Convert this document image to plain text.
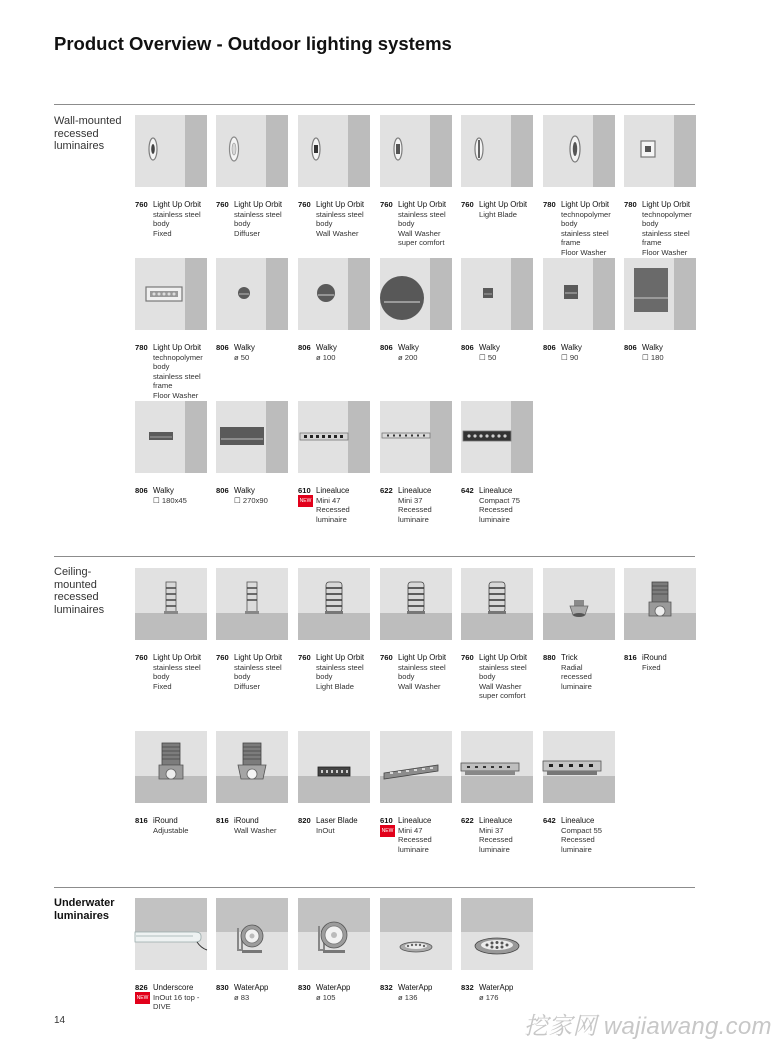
Product Overview - Outdoor lighting systems
Wall-mounted recessed luminaires
760 Light Up Orbit
stainless steel
body
Fixed
760 Light Up Orbit
stainless steel
body
Diffuser
760 Light Up Orbit
stainless steel
body
Wall Washer
760 Light Up Orbit
stainless steel
body
Wall Washer
super comfort
760 Light Up Orbit
Light Blade
780 Light Up Orbit
technopolymer
body
stainless steel frame
Floor Washer
780 Light Up Orbit
technopolymer
body
stainless steel frame
Floor Washer
780 Light Up Orbit
technopolymer
body
stainless steel frame
Floor Washer
806 Walky
ø 50
806 Walky
ø 100
806 Walky
ø 200
806 Walky
☐ 50
806 Walky
☐ 90
806 Walky
☐ 180
806 Walky
☐ 180x45
806 Walky
☐ 270x90
610
NEW
Linealuce
Mini 47
Recessed
luminaire
622 Linealuce
Mini 37
Recessed
luminaire
642 Linealuce
Compact 75
Recessed
luminaire
Ceiling-mounted recessed luminaires
760 Light Up Orbit
stainless steel
body
Fixed
760 Light Up Orbit
stainless steel
body
Diffuser
760 Light Up Orbit
stainless steel
body
Light Blade
760 Light Up Orbit
stainless steel
body
Wall Washer
760 Light Up Orbit
stainless steel
body
Wall Washer
super comfort
880 Trick
Radial recessed
luminaire
816 iRound
Fixed
816 iRound
Adjustable
816 iRound
Wall Washer
820 Laser Blade
InOut
610
NEW
Linealuce
Mini 47
Recessed
luminaire
622 Linealuce
Mini 37
Recessed
luminaire
642 Linealuce
Compact 55
Recessed
luminaire
Underwater luminaires
826
NEW
Underscore
InOut 16 top -
DIVE
830 WaterApp
ø 83
830 WaterApp
ø 105
832 WaterApp
ø 136
832 WaterApp
ø 176
14	挖家网 wajiawang.com
